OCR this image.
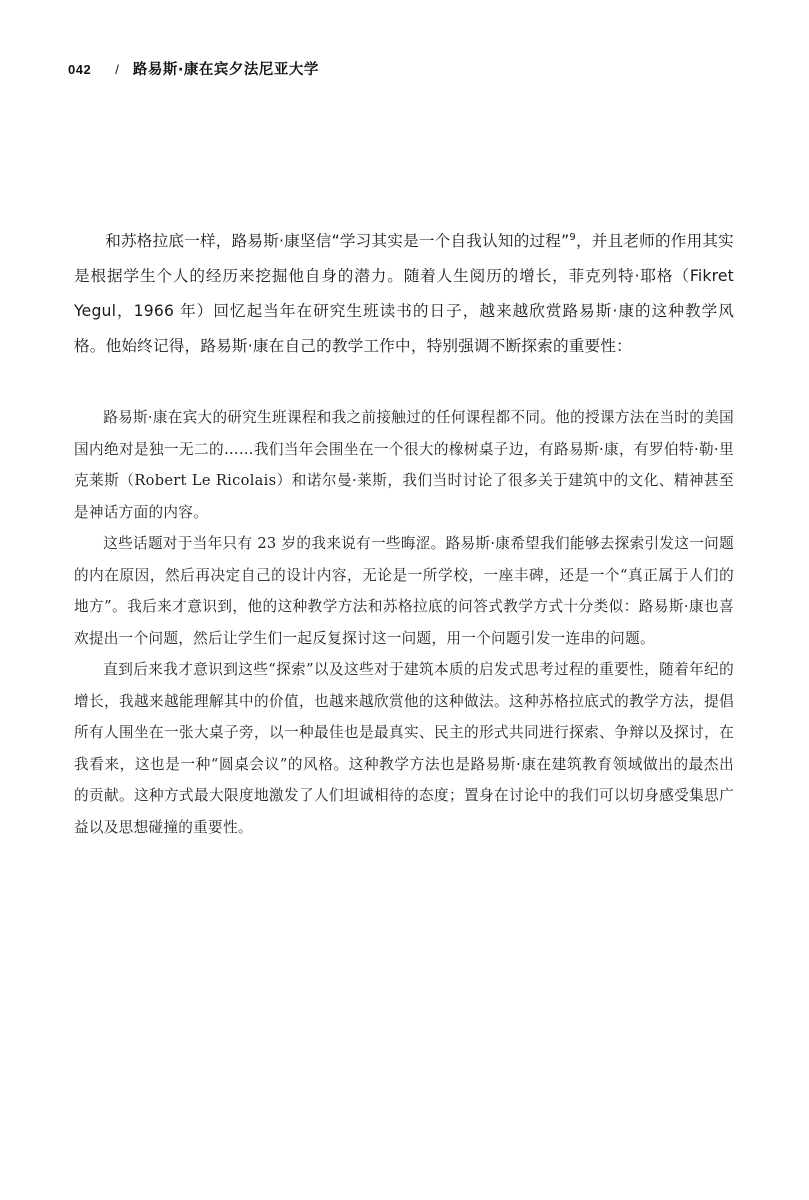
042 / 路易斯·康在宾夕法尼亚大学

和苏格拉底一样，路易斯·康坚信“学习其实是一个自我认知的过程”$^9$，并且老师的作用其实是根据学生个人的经历来挖掘他自身的潜力。随着人生阅历的增长，菲克列特·耶格（Fikret Yegul，1966 年）回忆起当年在研究生班读书的日子，越来越欣赏路易斯·康的这种教学风格。他始终记得，路易斯·康在自己的教学工作中，特别强调不断探索的重要性：

路易斯·康在宾大的研究生班课程和我之前接触过的任何课程都不同。他的授课方法在当时的美国国内绝对是独一无二的……我们当年会围坐在一个很大的橡树桌子边，有路易斯·康，有罗伯特·勒·里克莱斯（Robert Le Ricolais）和诺尔曼·莱斯，我们当时讨论了很多关于建筑中的文化、精神甚至是神话方面的内容。

这些话题对于当年只有 23 岁的我来说有一些晦涩。路易斯·康希望我们能够去探索引发这一问题的内在原因，然后再决定自己的设计内容，无论是一所学校，一座丰碑，还是一个“真正属于人们的地方”。我后来才意识到，他的这种教学方法和苏格拉底的问答式教学方式十分类似：路易斯·康也喜欢提出一个问题，然后让学生们一起反复探讨这一问题，用一个问题引发一连串的问题。

直到后来我才意识到这些“探索”以及这些对于建筑本质的启发式思考过程的重要性，随着年纪的增长，我越来越能理解其中的价值，也越来越欣赏他的这种做法。这种苏格拉底式的教学方法，提倡所有人围坐在一张大桌子旁，以一种最佳也是最真实、民主的形式共同进行探索、争辩以及探讨，在我看来，这也是一种“圆桌会议”的风格。这种教学方法也是路易斯·康在建筑教育领域做出的最杰出的贡献。这种方式最大限度地激发了人们坦诚相待的态度；置身在讨论中的我们可以切身感受集思广益以及思想碰撞的重要性。
